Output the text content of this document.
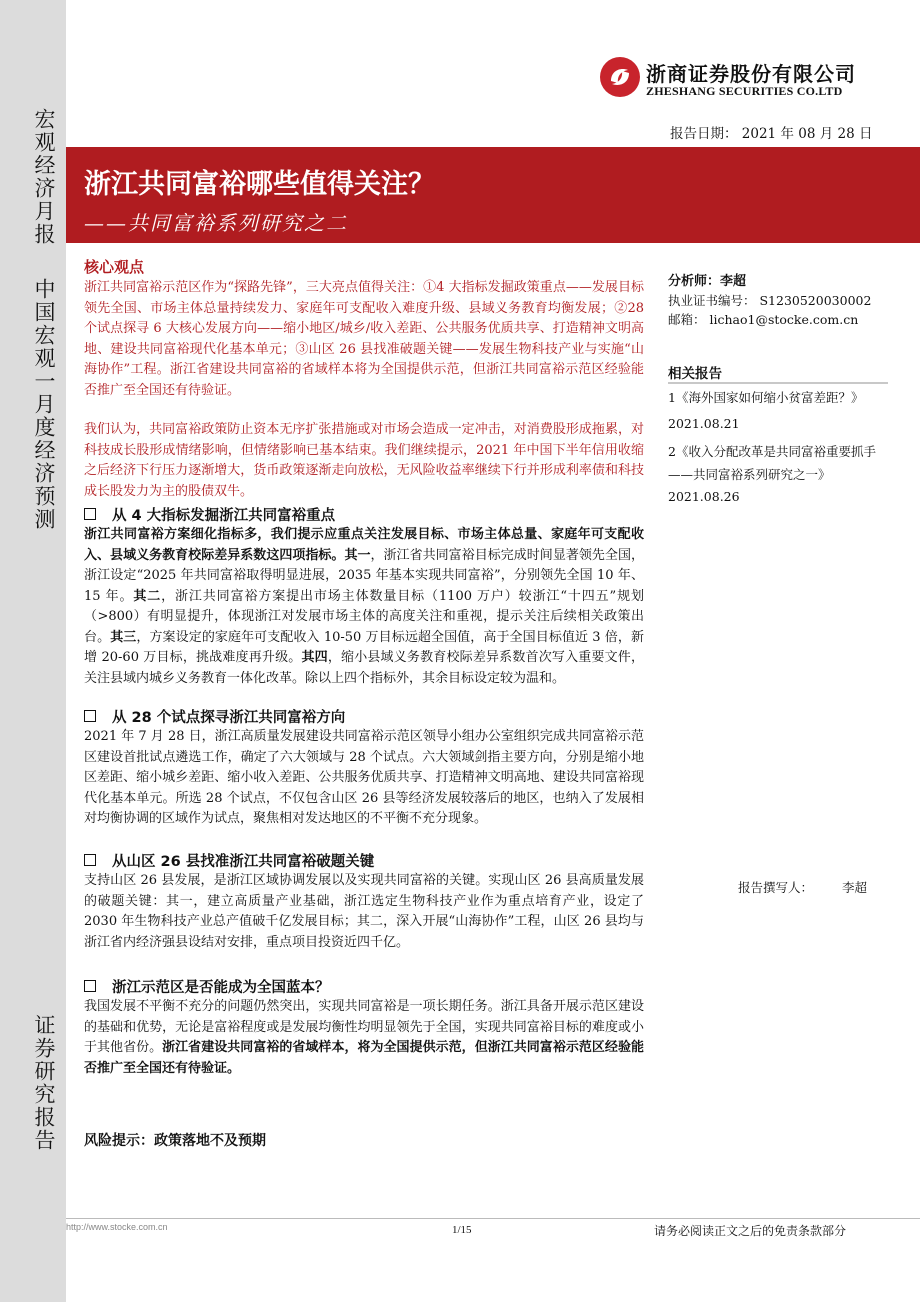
宏观经济月报
中国宏观一月度经济预测
证券研究报告
浙商证券股份有限公司
ZHESHANG SECURITIES CO.LTD
报告日期： 2021 年 08 月 28 日
浙江共同富裕哪些值得关注？
——共同富裕系列研究之二
核心观点
浙江共同富裕示范区作为“探路先锋”，三大亮点值得关注：①4 大指标发掘政策重点——发展目标领先全国、市场主体总量持续发力、家庭年可支配收入难度升级、县域义务教育均衡发展；②28 个试点探寻 6 大核心发展方向——缩小地区/城乡/收入差距、公共服务优质共享、打造精神文明高地、建设共同富裕现代化基本单元；③山区 26 县找准破题关键——发展生物科技产业与实施“山海协作”工程。浙江省建设共同富裕的省域样本将为全国提供示范，但浙江共同富裕示范区经验能否推广至全国还有待验证。
我们认为，共同富裕政策防止资本无序扩张措施或对市场会造成一定冲击，对消费股形成拖累，对科技成长股形成情绪影响，但情绪影响已基本结束。我们继续提示，2021 年中国下半年信用收缩之后经济下行压力逐渐增大，货币政策逐渐走向放松，无风险收益率继续下行并形成利率债和科技成长股发力为主的股债双牛。
从 4 大指标发掘浙江共同富裕重点
浙江共同富裕方案细化指标多，我们提示应重点关注发展目标、市场主体总量、家庭年可支配收入、县域义务教育校际差异系数这四项指标。其一，浙江省共同富裕目标完成时间显著领先全国，浙江设定“2025 年共同富裕取得明显进展，2035 年基本实现共同富裕”，分别领先全国 10 年、15 年。其二，浙江共同富裕方案提出市场主体数量目标（1100 万户）较浙江“十四五”规划（>800）有明显提升，体现浙江对发展市场主体的高度关注和重视，提示关注后续相关政策出台。其三，方案设定的家庭年可支配收入 10-50 万目标远超全国值，高于全国目标值近 3 倍，新增 20-60 万目标，挑战难度再升级。其四，缩小县域义务教育校际差异系数首次写入重要文件，关注县域内城乡义务教育一体化改革。除以上四个指标外，其余目标设定较为温和。
从 28 个试点探寻浙江共同富裕方向
2021 年 7 月 28 日，浙江高质量发展建设共同富裕示范区领导小组办公室组织完成共同富裕示范区建设首批试点遴选工作，确定了六大领域与 28 个试点。六大领域剑指主要方向，分别是缩小地区差距、缩小城乡差距、缩小收入差距、公共服务优质共享、打造精神文明高地、建设共同富裕现代化基本单元。所选 28 个试点，不仅包含山区 26 县等经济发展较落后的地区，也纳入了发展相对均衡协调的区域作为试点，聚焦相对发达地区的不平衡不充分现象。
从山区 26 县找准浙江共同富裕破题关键
支持山区 26 县发展，是浙江区域协调发展以及实现共同富裕的关键。实现山区 26 县高质量发展的破题关键：其一，建立高质量产业基础，浙江选定生物科技产业作为重点培育产业，设定了 2030 年生物科技产业总产值破千亿发展目标；其二，深入开展“山海协作”工程，山区 26 县均与浙江省内经济强县设结对安排，重点项目投资近四千亿。
浙江示范区是否能成为全国蓝本？
我国发展不平衡不充分的问题仍然突出，实现共同富裕是一项长期任务。浙江具备开展示范区建设的基础和优势，无论是富裕程度或是发展均衡性均明显领先于全国，实现共同富裕目标的难度或小于其他省份。浙江省建设共同富裕的省域样本，将为全国提供示范，但浙江共同富裕示范区经验能否推广至全国还有待验证。
风险提示：政策落地不及预期
分析师：李超
执业证书编号： S1230520030002
邮箱： lichao1@stocke.com.cn
相关报告
1《海外国家如何缩小贫富差距？》
2021.08.21
2《收入分配改革是共同富裕重要抓手——共同富裕系列研究之一》
2021.08.26
报告撰写人： 李超
http://www.stocke.com.cn	1/15	请务必阅读正文之后的免责条款部分
